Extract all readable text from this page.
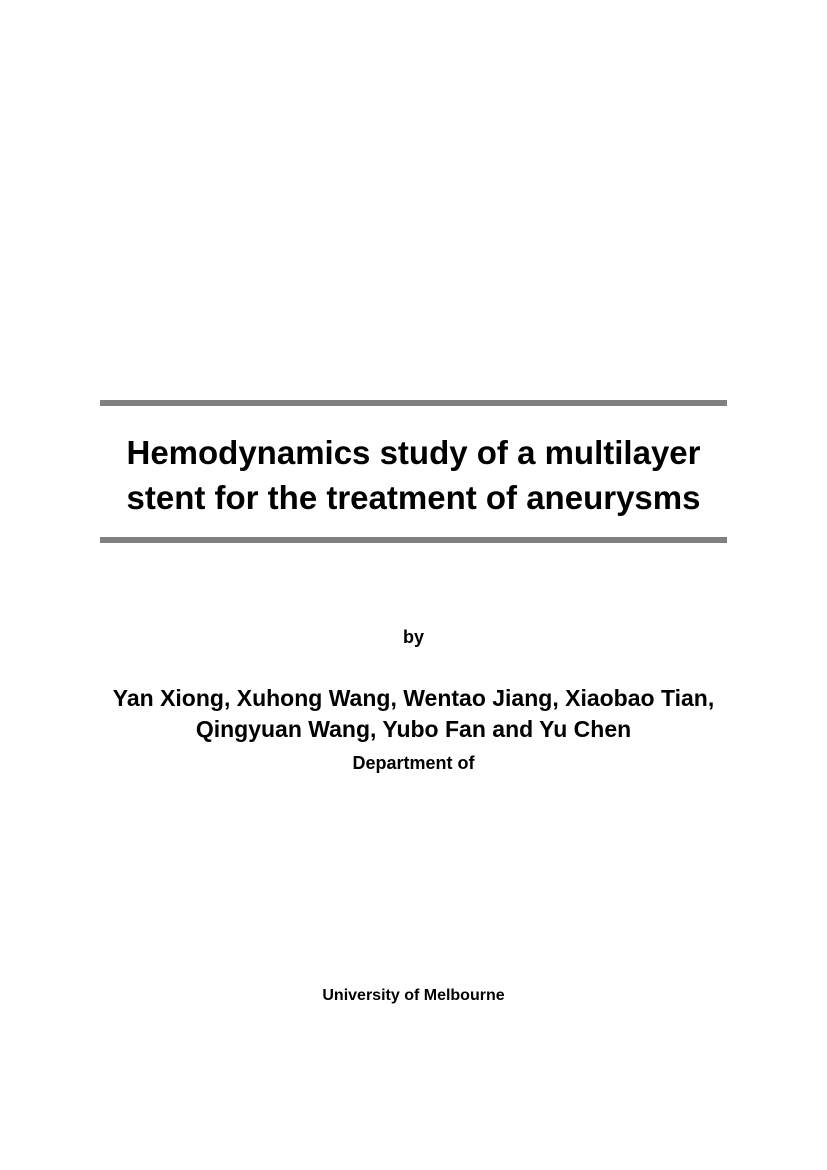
Hemodynamics study of a multilayer
stent for the treatment of aneurysms
by
Yan Xiong, Xuhong Wang, Wentao Jiang, Xiaobao Tian,
Qingyuan Wang, Yubo Fan and Yu Chen
Department of
University of Melbourne
